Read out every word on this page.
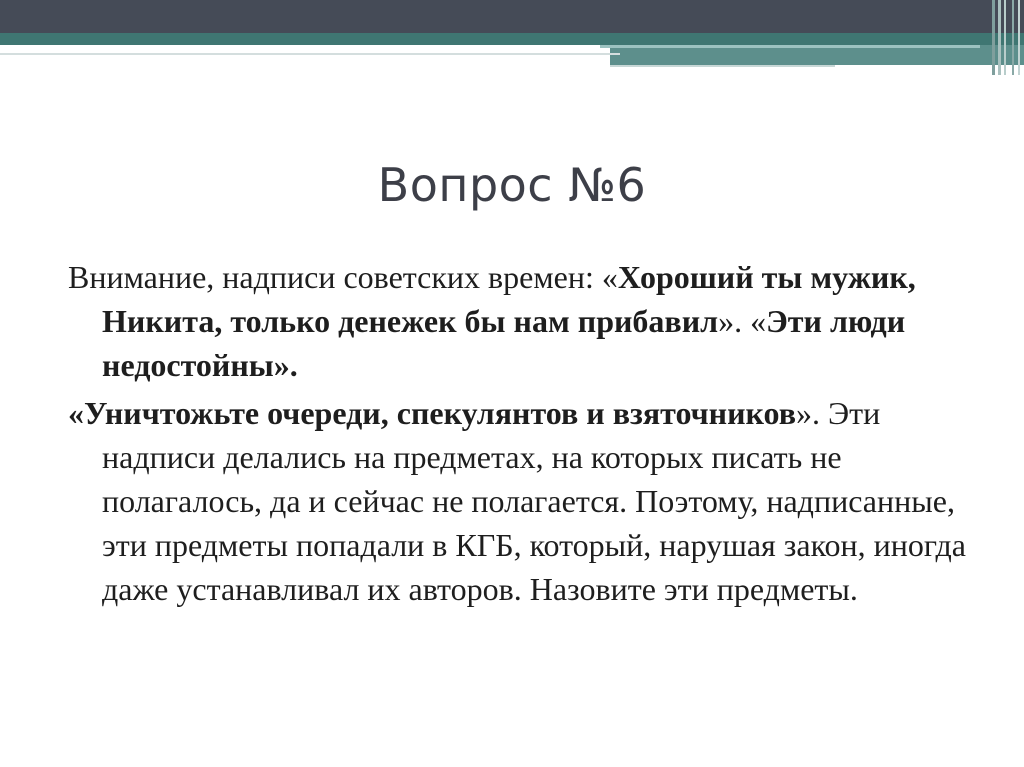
Вопрос №6

Внимание, надписи советских времен: «Хороший ты мужик, Никита, только денежек бы нам прибавил». «Эти люди недостойны».

«Уничтожьте очереди, спекулянтов и взяточников». Эти надписи делались на предметах, на которых писать не полагалось, да и сейчас не полагается. Поэтому, надписанные, эти предметы попадали в КГБ, который, нарушая закон, иногда даже устанавливал их авторов. Назовите эти предметы.
